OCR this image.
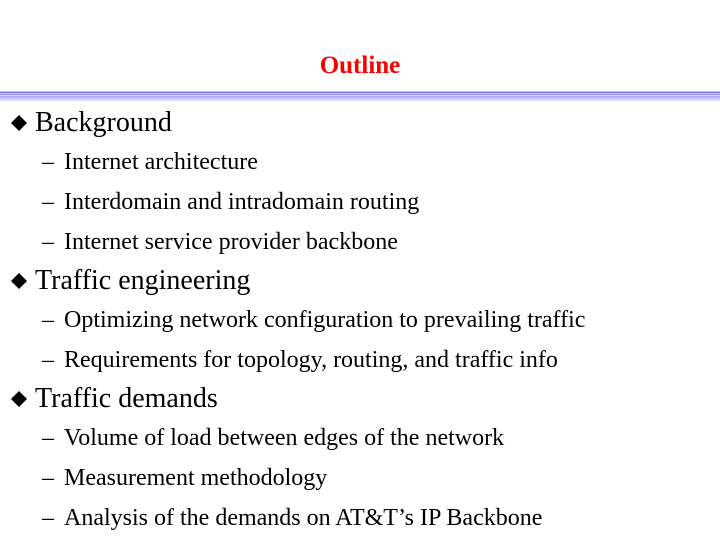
Outline
Background
– Internet architecture
– Interdomain and intradomain routing
– Internet service provider backbone
Traffic engineering
– Optimizing network configuration to prevailing traffic
– Requirements for topology, routing, and traffic info
Traffic demands
– Volume of load between edges of the network
– Measurement methodology
– Analysis of the demands on AT&T’s IP Backbone
